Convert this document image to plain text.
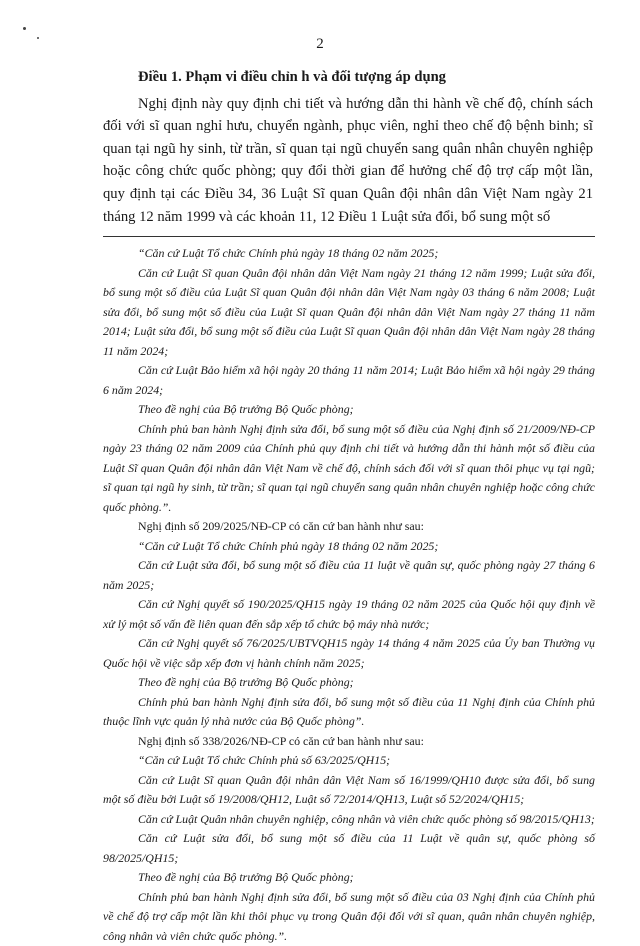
2

Điều 1. Phạm vi điều chỉn h và đối tượng áp dụng

Nghị định này quy định chi tiết và hướng dẫn thi hành về chế độ, chính sách đối với sĩ quan nghỉ hưu, chuyển ngành, phục viên, nghỉ theo chế độ bệnh binh; sĩ quan tại ngũ hy sinh, từ trần, sĩ quan tại ngũ chuyển sang quân nhân chuyên nghiệp hoặc công chức quốc phòng; quy đổi thời gian để hưởng chế độ trợ cấp một lần, quy định tại các Điều 34, 36 Luật Sĩ quan Quân đội nhân dân Việt Nam ngày 21 tháng 12 năm 1999 và các khoản 11, 12 Điều 1 Luật sửa đổi, bổ sung một số

“Căn cứ Luật Tổ chức Chính phủ ngày 18 tháng 02 năm 2025;

Căn cứ Luật Sĩ quan Quân đội nhân dân Việt Nam ngày 21 tháng 12 năm 1999; Luật sửa đổi, bổ sung một số điều của Luật Sĩ quan Quân đội nhân dân Việt Nam ngày 03 tháng 6 năm 2008; Luật sửa đổi, bổ sung một số điều của Luật Sĩ quan Quân đội nhân dân Việt Nam ngày 27 tháng 11 năm 2014; Luật sửa đổi, bổ sung một số điều của Luật Sĩ quan Quân đội nhân dân Việt Nam ngày 28 tháng 11 năm 2024;

Căn cứ Luật Bảo hiểm xã hội ngày 20 tháng 11 năm 2014; Luật Bảo hiểm xã hội ngày 29 tháng 6 năm 2024;

Theo đề nghị của Bộ trưởng Bộ Quốc phòng;

Chính phủ ban hành Nghị định sửa đổi, bổ sung một số điều của Nghị định số 21/2009/NĐ-CP ngày 23 tháng 02 năm 2009 của Chính phủ quy định chi tiết và hướng dẫn thi hành một số điều của Luật Sĩ quan Quân đội nhân dân Việt Nam về chế độ, chính sách đối với sĩ quan thôi phục vụ tại ngũ; sĩ quan tại ngũ hy sinh, từ trần; sĩ quan tại ngũ chuyển sang quân nhân chuyên nghiệp hoặc công chức quốc phòng.”.

Nghị định số 209/2025/NĐ-CP có căn cứ ban hành như sau:

“Căn cứ Luật Tổ chức Chính phủ ngày 18 tháng 02 năm 2025;

Căn cứ Luật sửa đổi, bổ sung một số điều của 11 luật về quân sự, quốc phòng ngày 27 tháng 6 năm 2025;

Căn cứ Nghị quyết số 190/2025/QH15 ngày 19 tháng 02 năm 2025 của Quốc hội quy định về xử lý một số vấn đề liên quan đến sắp xếp tổ chức bộ máy nhà nước;

Căn cứ Nghị quyết số 76/2025/UBTVQH15 ngày 14 tháng 4 năm 2025 của Ủy ban Thường vụ Quốc hội về việc sắp xếp đơn vị hành chính năm 2025;

Theo đề nghị của Bộ trưởng Bộ Quốc phòng;

Chính phủ ban hành Nghị định sửa đổi, bổ sung một số điều của 11 Nghị định của Chính phủ thuộc lĩnh vực quản lý nhà nước của Bộ Quốc phòng”.

Nghị định số 338/2026/NĐ-CP có căn cứ ban hành như sau:

“Căn cứ Luật Tổ chức Chính phủ số 63/2025/QH15;

Căn cứ Luật Sĩ quan Quân đội nhân dân Việt Nam số 16/1999/QH10 được sửa đổi, bổ sung một số điều bởi Luật số 19/2008/QH12, Luật số 72/2014/QH13, Luật số 52/2024/QH15;

Căn cứ Luật Quân nhân chuyên nghiệp, công nhân và viên chức quốc phòng số 98/2015/QH13;

Căn cứ Luật sửa đổi, bổ sung một số điều của 11 Luật về quân sự, quốc phòng số 98/2025/QH15;

Theo đề nghị của Bộ trưởng Bộ Quốc phòng;

Chính phủ ban hành Nghị định sửa đổi, bổ sung một số điều của 03 Nghị định của Chính phủ về chế độ trợ cấp một lần khi thôi phục vụ trong Quân đội đối với sĩ quan, quân nhân chuyên nghiệp, công nhân và viên chức quốc phòng.”.
